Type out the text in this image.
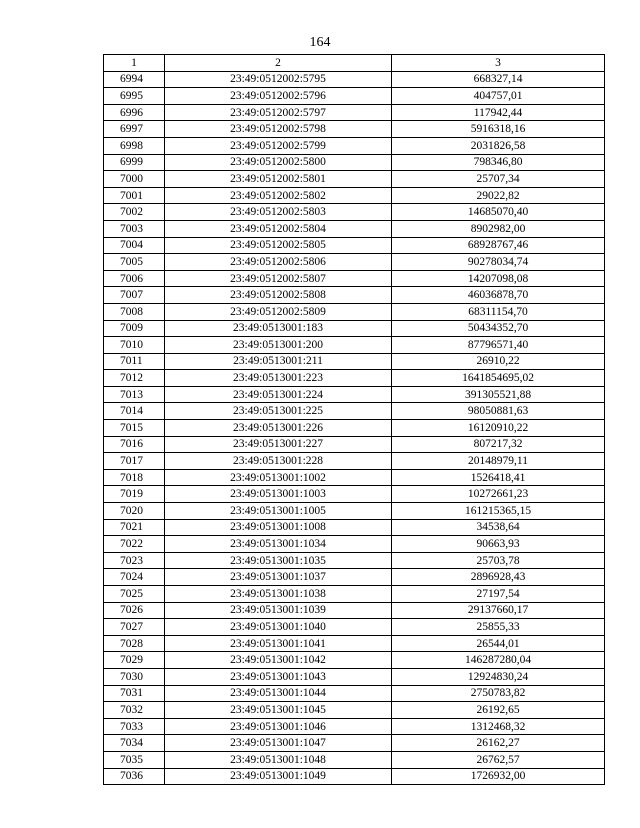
164
1	2	3
6994	23:49:0512002:5795	668327,14
6995	23:49:0512002:5796	404757,01
6996	23:49:0512002:5797	117942,44
6997	23:49:0512002:5798	5916318,16
6998	23:49:0512002:5799	2031826,58
6999	23:49:0512002:5800	798346,80
7000	23:49:0512002:5801	25707,34
7001	23:49:0512002:5802	29022,82
7002	23:49:0512002:5803	14685070,40
7003	23:49:0512002:5804	8902982,00
7004	23:49:0512002:5805	68928767,46
7005	23:49:0512002:5806	90278034,74
7006	23:49:0512002:5807	14207098,08
7007	23:49:0512002:5808	46036878,70
7008	23:49:0512002:5809	68311154,70
7009	23:49:0513001:183	50434352,70
7010	23:49:0513001:200	87796571,40
7011	23:49:0513001:211	26910,22
7012	23:49:0513001:223	1641854695,02
7013	23:49:0513001:224	391305521,88
7014	23:49:0513001:225	98050881,63
7015	23:49:0513001:226	16120910,22
7016	23:49:0513001:227	807217,32
7017	23:49:0513001:228	20148979,11
7018	23:49:0513001:1002	1526418,41
7019	23:49:0513001:1003	10272661,23
7020	23:49:0513001:1005	161215365,15
7021	23:49:0513001:1008	34538,64
7022	23:49:0513001:1034	90663,93
7023	23:49:0513001:1035	25703,78
7024	23:49:0513001:1037	2896928,43
7025	23:49:0513001:1038	27197,54
7026	23:49:0513001:1039	29137660,17
7027	23:49:0513001:1040	25855,33
7028	23:49:0513001:1041	26544,01
7029	23:49:0513001:1042	146287280,04
7030	23:49:0513001:1043	12924830,24
7031	23:49:0513001:1044	2750783,82
7032	23:49:0513001:1045	26192,65
7033	23:49:0513001:1046	1312468,32
7034	23:49:0513001:1047	26162,27
7035	23:49:0513001:1048	26762,57
7036	23:49:0513001:1049	1726932,00
